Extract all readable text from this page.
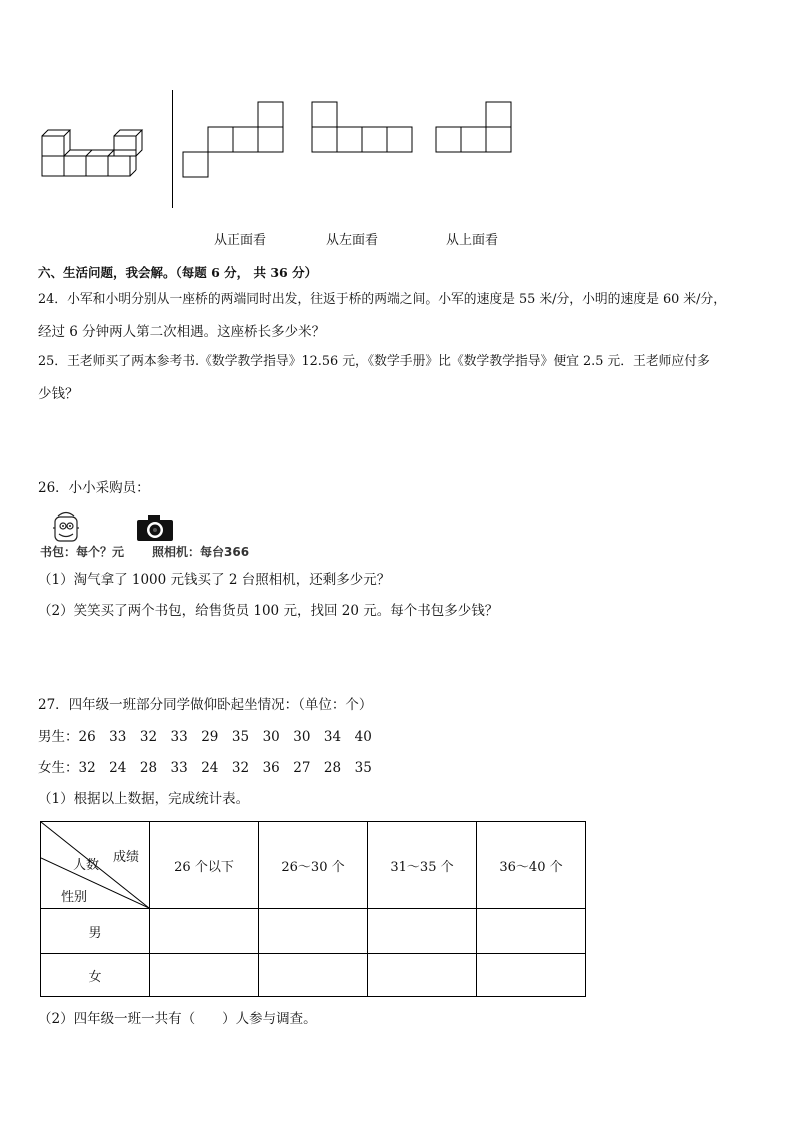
从正面看	从左面看	从上面看
六、生活问题，我会解。（每题 6 分， 共 36 分）
24．小军和小明分别从一座桥的两端同时出发，往返于桥的两端之间。小军的速度是 55 米/分，小明的速度是 60 米/分，
经过 6 分钟两人第二次相遇。这座桥长多少米？
25．王老师买了两本参考书.《数学教学指导》12.56 元，《数学手册》比《数学教学指导》便宜 2.5 元．王老师应付多
少钱？
26．小小采购员：
书包：每个？元 照相机：每台366
（1）淘气拿了 1000 元钱买了 2 台照相机，还剩多少元？
（2）笑笑买了两个书包，给售货员 100 元，找回 20 元。每个书包多少钱？
27．四年级一班部分同学做仰卧起坐情况：（单位：个）
男生：26　33　32　33　29　35　30　30　34　40
女生：32　24　28　33　24　32　36　27　28　35
（1）根据以上数据，完成统计表。
成绩
人数
性别	26 个以下	26～30 个	31～35 个	36～40 个
男				
女				
（2）四年级一班一共有（　　）人参与调查。
